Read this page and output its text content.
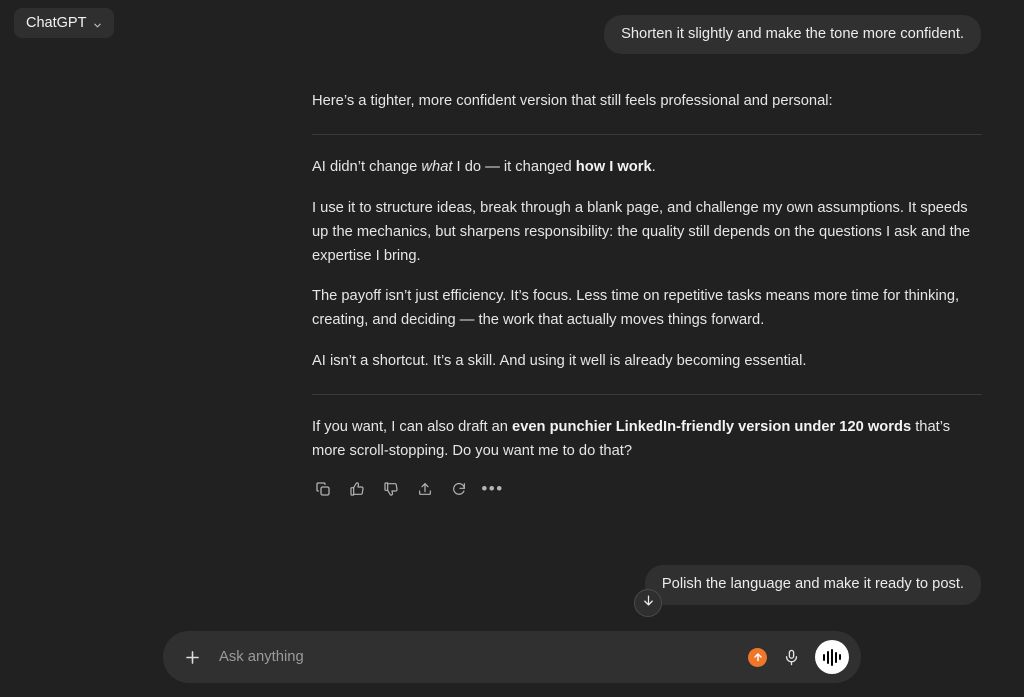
ChatGPT
Shorten it slightly and make the tone more confident.

Here’s a tighter, more confident version that still feels professional and personal:

AI didn’t change what I do — it changed how I work.

I use it to structure ideas, break through a blank page, and challenge my own assumptions. It speeds up the mechanics, but sharpens responsibility: the quality still depends on the questions I ask and the expertise I bring.

The payoff isn’t just efficiency. It’s focus. Less time on repetitive tasks means more time for thinking, creating, and deciding — the work that actually moves things forward.

AI isn’t a shortcut. It’s a skill. And using it well is already becoming essential.

If you want, I can also draft an even punchier LinkedIn-friendly version under 120 words that’s more scroll-stopping. Do you want me to do that?

•••
Polish the language and make it ready to post.

Ask anything
